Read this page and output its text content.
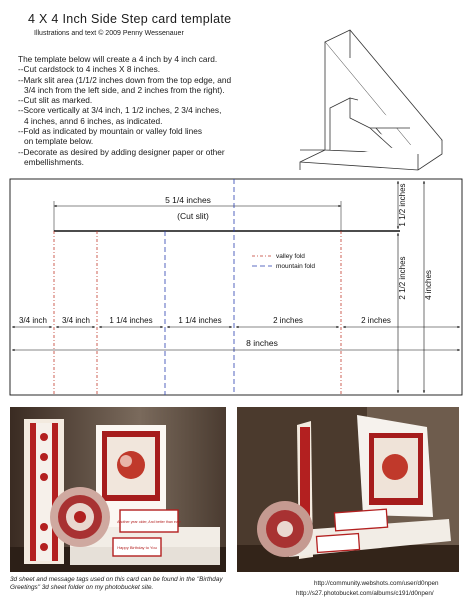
4 X 4 Inch Side Step card template
Illustrations and text © 2009 Penny Wessenauer
The template below will create a 4 inch by 4 inch card.
--Cut cardstock to 4 inches X 8 inches.
--Mark slit area (1/1/2 inches down from the top edge, and
3/4 inch from the left side, and 2 inches from the right).
--Cut slit as marked.
--Score vertically at 3/4 inch, 1 1/2 inches, 2 3/4 inches,
4 inches, annd 6 inches, as indicated.
--Fold as indicated by mountain or valley fold lines
on template below.
--Decorate as desired by adding designer paper or other
embellishments.
5 1/4 inches
(Cut slit)
valley fold
mountain fold
3/4 inch 3/4 inch 1 1/4 inches	1 1/4 inches	2 inches	2 inches
8 inches
1 1/2 inches
2 1/2 inches 4 inches
Another year older, And better than ever
Happy Birthday to You
3d sheet and message tags used on this card can be found in the "Birthday Greetings" 3d sheet folder on my photobucket site.
http://community.webshots.com/user/d0npen
http://s27.photobucket.com/albums/c191/d0npen/
